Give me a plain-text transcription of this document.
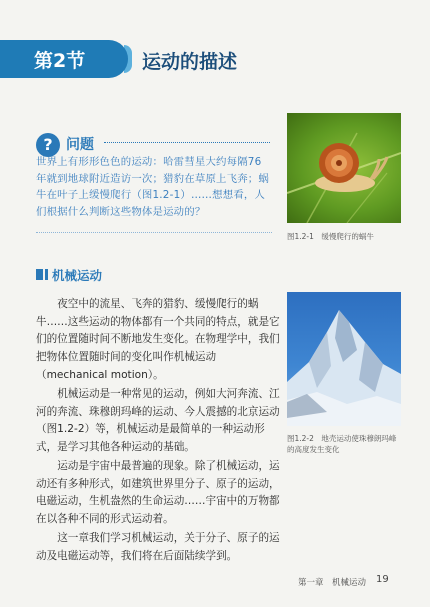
第2节	运动的描述
? 问题
世界上有形形色色的运动：哈雷彗星大约每隔76年就到地球附近造访一次；猎豹在草原上飞奔；蜗牛在叶子上缓慢爬行（图1.2-1）……想想看，人们根据什么判断这些物体是运动的？
图1.2-1　缓慢爬行的蜗牛
机械运动
夜空中的流星、飞奔的猎豹、缓慢爬行的蜗牛……这些运动的物体都有一个共同的特点，就是它们的位置随时间不断地发生变化。在物理学中，我们把物体位置随时间的变化叫作机械运动（mechanical motion）。
机械运动是一种常见的运动，例如大河奔流、江河的奔流、珠穆朗玛峰的运动、今人震撼的北京运动（图1.2-2）等，机械运动是最简单的一种运动形式，是学习其他各种运动的基础。
运动是宇宙中最普遍的现象。除了机械运动，运动还有多种形式，如建筑世界里分子、原子的运动，电磁运动，生机盎然的生命运动……宇宙中的万物都在以各种不同的形式运动着。
这一章我们学习机械运动，关于分子、原子的运动及电磁运动等，我们将在后面陆续学到。
图1.2-2　地壳运动使珠穆朗玛峰的高度发生变化
第一章　机械运动 19
